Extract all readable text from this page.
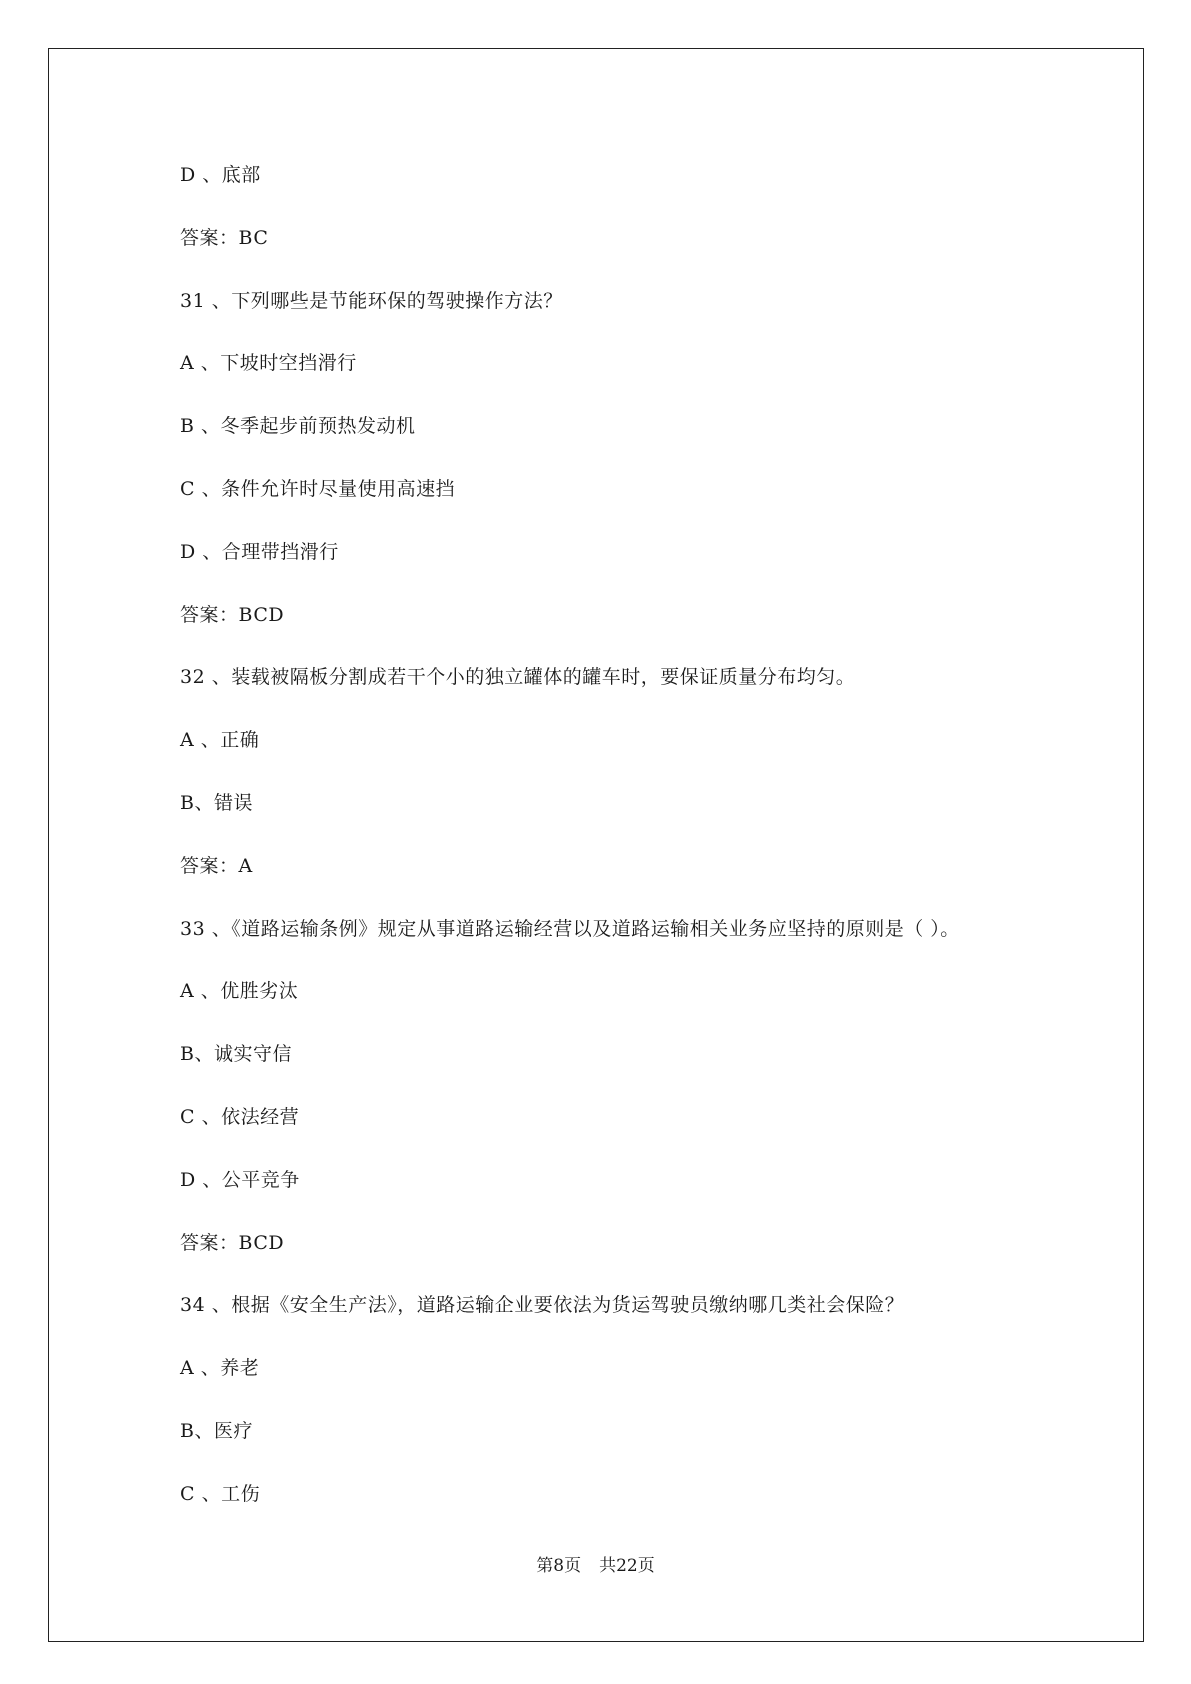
D 、底部
答案：BC
31 、下列哪些是节能环保的驾驶操作方法？
A 、下坡时空挡滑行
B 、冬季起步前预热发动机
C 、条件允许时尽量使用高速挡
D 、合理带挡滑行
答案：BCD
32 、装载被隔板分割成若干个小的独立罐体的罐车时，要保证质量分布均匀。
A 、正确
B、错误
答案：A
33 、《道路运输条例》规定从事道路运输经营以及道路运输相关业务应坚持的原则是（ ）。
A 、优胜劣汰
B、诚实守信
C 、依法经营
D 、公平竞争
答案：BCD
34 、根据《安全生产法》，道路运输企业要依法为货运驾驶员缴纳哪几类社会保险？
A 、养老
B、医疗
C 、工伤
第8页 共22页
